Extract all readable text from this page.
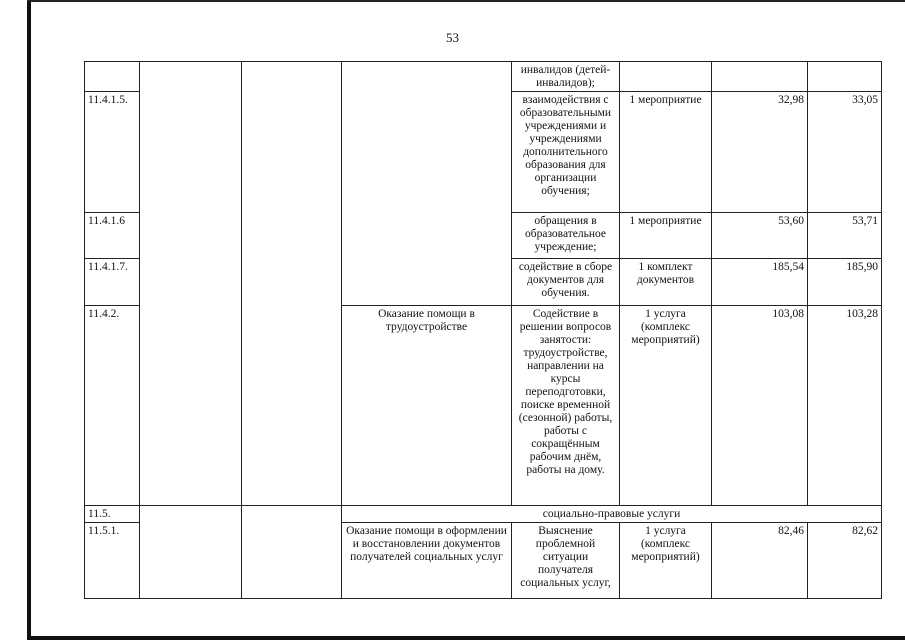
53
				инвалидов (детей-инвалидов);			
11.4.1.5.				взаимодействия с образовательными учреждениями и учреждениями дополнительного образования для организации обучения;	1 мероприятие	32,98	33,05
11.4.1.6				обращения в образовательное учреждение;	1 мероприятие	53,60	53,71
11.4.1.7.				содействие в сборе документов для обучения.	1 комплект документов	185,54	185,90
11.4.2.			Оказание помощи в трудоустройстве	Содействие в решении вопросов занятости: трудоустройстве, направлении на курсы переподготовки, поиске временной (сезонной) работы, работы с сокращённым рабочим днём, работы на дому.	1 услуга (комплекс мероприятий)	103,08	103,28
11.5.			социально-правовые услуги				
11.5.1.			Оказание помощи в оформлении и восстановлении документов получателей социальных услуг	Выяснение проблемной ситуации получателя социальных услуг,	1 услуга (комплекс мероприятий)	82,46	82,62
